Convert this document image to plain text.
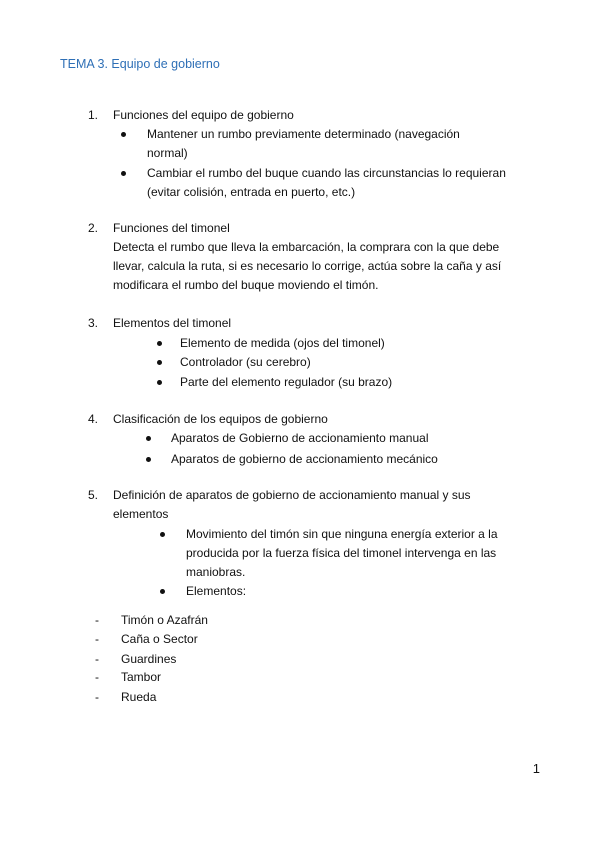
TEMA 3. Equipo de gobierno
1. Funciones del equipo de gobierno
Mantener un rumbo previamente determinado (navegación
normal)
Cambiar el rumbo del buque cuando las circunstancias lo requieran
(evitar colisión, entrada en puerto, etc.)
2. Funciones del timonel
Detecta el rumbo que lleva la embarcación, la comprara con la que debe
llevar, calcula la ruta, si es necesario lo corrige, actúa sobre la caña y así
modificara el rumbo del buque moviendo el timón.
3. Elementos del timonel
Elemento de medida (ojos del timonel)
Controlador (su cerebro)
Parte del elemento regulador (su brazo)
4. Clasificación de los equipos de gobierno
Aparatos de Gobierno de accionamiento manual
Aparatos de gobierno de accionamiento mecánico
5. Definición de aparatos de gobierno de accionamiento manual y sus
elementos
Movimiento del timón sin que ninguna energía exterior a la
producida por la fuerza física del timonel intervenga en las
maniobras.
Elementos:
- Timón o Azafrán
- Caña o Sector
- Guardines
- Tambor
- Rueda
1
